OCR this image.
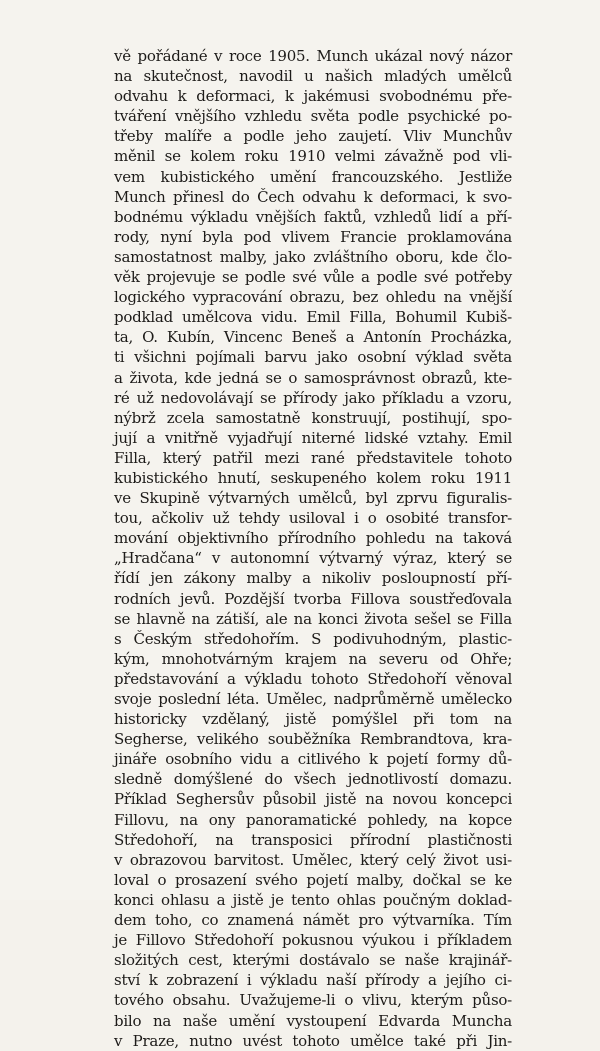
vě pořádané v roce 1905. Munch ukázal nový názor
na skutečnost, navodil u našich mladých umělců
odvahu k deformaci, k jakémusi svobodnému pře-
tváření vnějšího vzhledu světa podle psychické po-
třeby malíře a podle jeho zaujetí. Vliv Munchův
měnil se kolem roku 1910 velmi závažně pod vli-
vem kubistického umění francouzského. Jestliže
Munch přinesl do Čech odvahu k deformaci, k svo-
bodnému výkladu vnějších faktů, vzhledů lidí a pří-
rody, nyní byla pod vlivem Francie proklamována
samostatnost malby, jako zvláštního oboru, kde člo-
věk projevuje se podle své vůle a podle své potřeby
logického vypracování obrazu, bez ohledu na vnější
podklad umělcova vidu. Emil Filla, Bohumil Kubiš-
ta, O. Kubín, Vincenc Beneš a Antonín Procházka,
ti všichni pojímali barvu jako osobní výklad světa
a života, kde jedná se o samosprávnost obrazů, kte-
ré už nedovolávají se přírody jako příkladu a vzoru,
nýbrž zcela samostatně konstruují, postihují, spo-
jují a vnitřně vyjadřují niterné lidské vztahy. Emil
Filla, který patřil mezi rané představitele tohoto
kubistického hnutí, seskupeného kolem roku 1911
ve Skupině výtvarných umělců, byl zprvu figuralis-
tou, ačkoliv už tehdy usiloval i o osobité transfor-
mování objektivního přírodního pohledu na taková
„Hradčana“ v autonomní výtvarný výraz, který se
řídí jen zákony malby a nikoliv posloupností pří-
rodních jevů. Pozdější tvorba Fillova soustřeďovala
se hlavně na zátiší, ale na konci života sešel se Filla
s Českým středohořím. S podivuhodným, plastic-
kým, mnohotvárným krajem na severu od Ohře;
představování a výkladu tohoto Středohoří věnoval
svoje poslední léta. Umělec, nadprůměrně umělecko
historicky vzdělaný, jistě pomýšlel při tom na
Segherse, velikého souběžníka Rembrandtova, kra-
jináře osobního vidu a citlivého k pojetí formy dů-
sledně domýšlené do všech jednotlivostí domazu.
Příklad Seghersův působil jistě na novou koncepci
Fillovu, na ony panoramatické pohledy, na kopce
Středohoří, na transposici přírodní plastičnosti
v obrazovou barvitost. Umělec, který celý život usi-
loval o prosazení svého pojetí malby, dočkal se ke
konci ohlasu a jistě je tento ohlas poučným doklad-
dem toho, co znamená námět pro výtvarníka. Tím
je Fillovo Středohoří pokusnou výukou i příkladem
složitých cest, kterými dostávalo se naše krajinář-
ství k zobrazení i výkladu naší přírody a jejího ci-
tového obsahu. Uvažujeme-li o vlivu, kterým půso-
bilo na naše umění vystoupení Edvarda Muncha
v Praze, nutno uvést tohoto umělce také při Jin-
